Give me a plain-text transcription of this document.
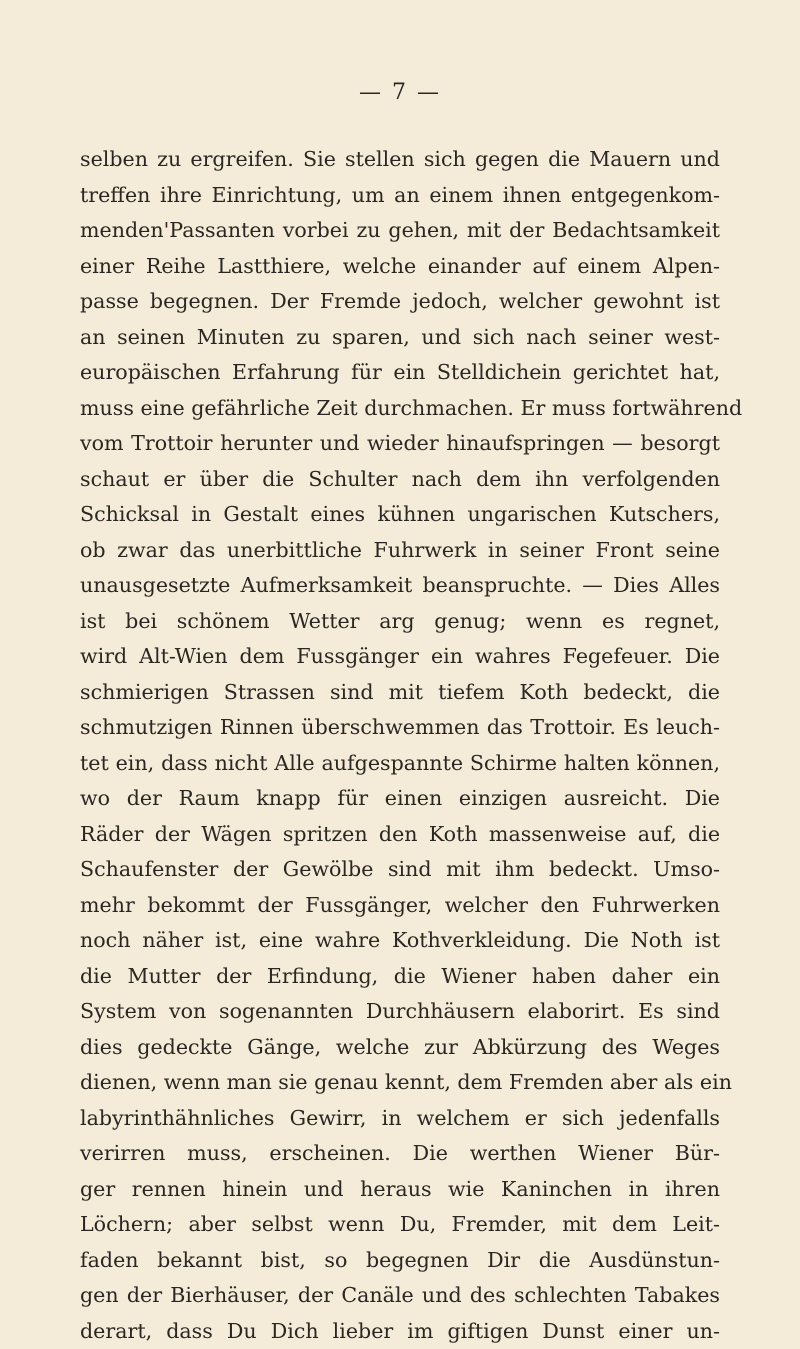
— 7 —
selben zu ergreifen. Sie stellen sich gegen die Mauern und
treffen ihre Einrichtung, um an einem ihnen entgegenkom-
menden'Passanten vorbei zu gehen, mit der Bedachtsamkeit
einer Reihe Lastthiere, welche einander auf einem Alpen-
passe begegnen. Der Fremde jedoch, welcher gewohnt ist
an seinen Minuten zu sparen, und sich nach seiner west-
europäischen Erfahrung für ein Stelldichein gerichtet hat,
muss eine gefährliche Zeit durchmachen. Er muss fortwährend
vom Trottoir herunter und wieder hinaufspringen — besorgt
schaut er über die Schulter nach dem ihn verfolgenden
Schicksal in Gestalt eines kühnen ungarischen Kutschers,
ob zwar das unerbittliche Fuhrwerk in seiner Front seine
unausgesetzte Aufmerksamkeit beanspruchte. — Dies Alles
ist bei schönem Wetter arg genug; wenn es regnet,
wird Alt-Wien dem Fussgänger ein wahres Fegefeuer. Die
schmierigen Strassen sind mit tiefem Koth bedeckt, die
schmutzigen Rinnen überschwemmen das Trottoir. Es leuch-
tet ein, dass nicht Alle aufgespannte Schirme halten können,
wo der Raum knapp für einen einzigen ausreicht. Die
Räder der Wägen spritzen den Koth massenweise auf, die
Schaufenster der Gewölbe sind mit ihm bedeckt. Umso-
mehr bekommt der Fussgänger, welcher den Fuhrwerken
noch näher ist, eine wahre Kothverkleidung. Die Noth ist
die Mutter der Erfindung, die Wiener haben daher ein
System von sogenannten Durchhäusern elaborirt. Es sind
dies gedeckte Gänge, welche zur Abkürzung des Weges
dienen, wenn man sie genau kennt, dem Fremden aber als ein
labyrinthähnliches Gewirr, in welchem er sich jedenfalls
verirren muss, erscheinen. Die werthen Wiener Bür-
ger rennen hinein und heraus wie Kaninchen in ihren
Löchern; aber selbst wenn Du, Fremder, mit dem Leit-
faden bekannt bist, so begegnen Dir die Ausdünstun-
gen der Bierhäuser, der Canäle und des schlechten Tabakes
derart, dass Du Dich lieber im giftigen Dunst einer un-
